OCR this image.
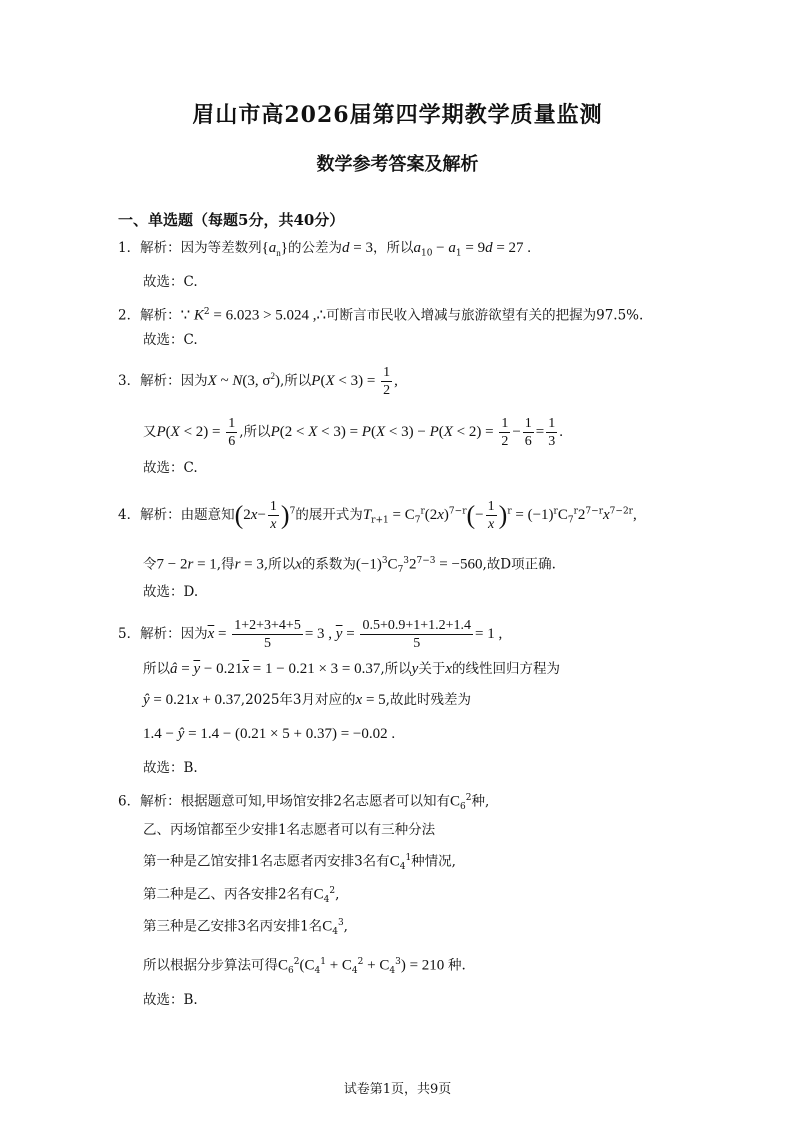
眉山市高2026届第四学期教学质量监测
数学参考答案及解析
一、单选题（每题5分，共40分）
1．解析：因为等差数列$\{a_n\}$的公差为d = 3，所以$a_{10} - a_1 = 9d = 27$ .
故选：C.
2．解析：∵ $K^2 = 6.023 > 5.024$ ,∴可断言市民收入增减与旅游欲望有关的把握为97.5%.
故选：C.
3．解析：因为X ~ N(3, $\sigma^2$),所以$P(X < 3) = \frac{1}{2}$ ,
又$P(X < 2) = \frac{1}{6}$ ,所以$P(2 < X < 3) = P(X < 3) - P(X < 2) = \frac{1}{2} - \frac{1}{6} = \frac{1}{3}$ .
故选：C.
4．解析：由题意知$(2x- \frac{1}{x} )^7$的展开式为$T_{r+1} = C_7^r(2x)^{7-r}(- \frac{1}{x} )^r = (-1)^rC_7^r2^{7-r}x^{7-2r}$,
令7 − 2r = 1,得r = 3,所以x的系数为$(-1)^3C_7^32^{7-3} = -560$,故D项正确.
故选：D.
5．解析：因为$\overline{x} = \frac{1+2+3+4+5}{5} = 3$ , $\overline{y} = \frac{0.5+0.9+1+1.2+1.4}{5} = 1$ ,
所以â = $\overline{y} - 0.21\overline{x} = 1 - 0.21 \times 3 = 0.37$,所以y关于x的线性回归方程为
ŷ = 0.21x + 0.37,2025年3月对应的x = 5,故此时残差为
1.4 − ŷ = 1.4 − (0.21 × 5 + 0.37) = −0.02 .
故选：B.
6．解析：根据题意可知,甲场馆安排2名志愿者可以知有$C_6^2$种,
乙、丙场馆都至少安排1名志愿者可以有三种分法
第一种是乙馆安排1名志愿者丙安排3名有$C_4^1$种情况,
第二种是乙、丙各安排2名有$C_4^2$,
第三种是乙安排3名丙安排1名$C_4^3$,
所以根据分步算法可得$C_6^2(C_4^1 + C_4^2 + C_4^3) = 210$ 种.
故选：B.
试卷第1页，共9页
